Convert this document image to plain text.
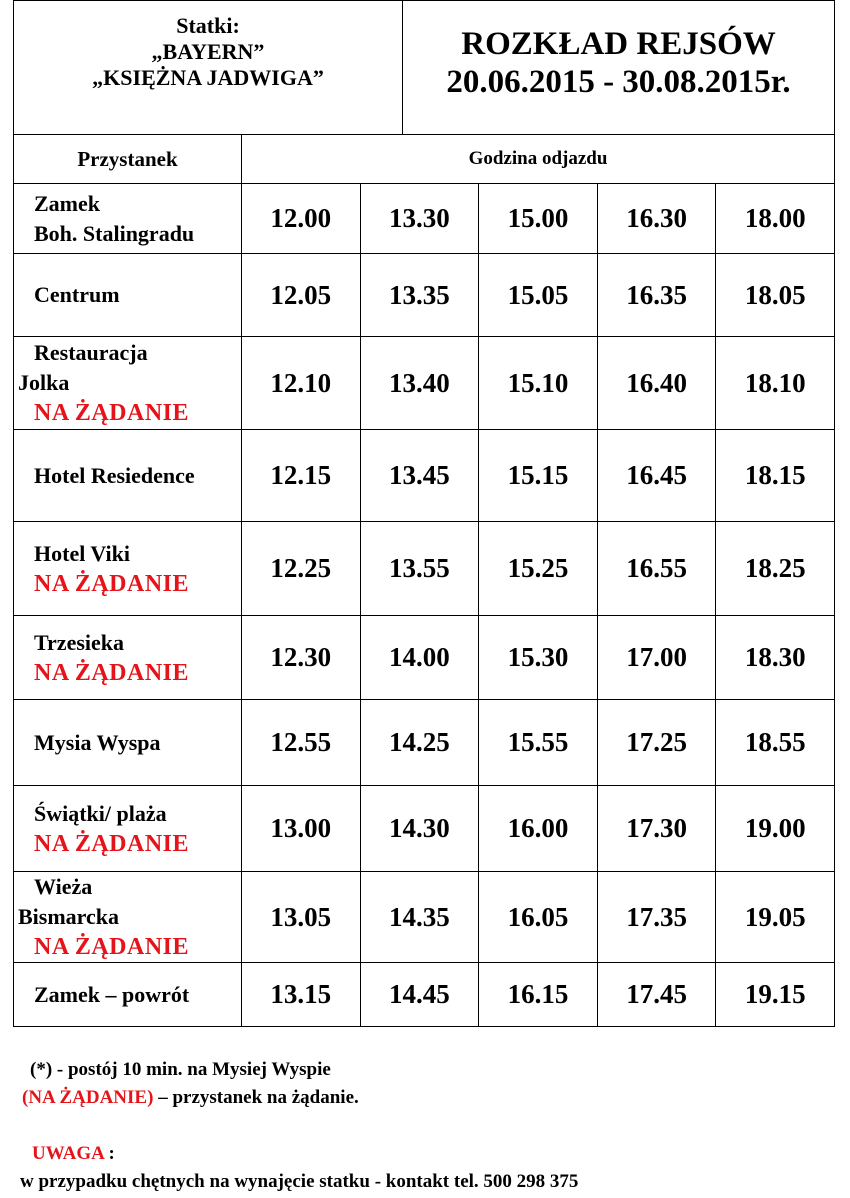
Statki:
„BAYERN”
„KSIĘŻNA JADWIGA”
ROZKŁAD REJSÓW
20.06.2015 - 30.08.2015r.
Przystanek	Godzina odjazdu				

Zamek
Boh. Stalingradu	12.00	13.30	15.00	16.30	18.00

Centrum	12.05	13.35	15.05	16.35	18.05

Restauracja
Jolka
NA ŻĄDANIE	12.10	13.40	15.10	16.40	18.10

Hotel Resiedence	12.15	13.45	15.15	16.45	18.15

Hotel Viki
NA ŻĄDANIE	12.25	13.55	15.25	16.55	18.25

Trzesieka
NA ŻĄDANIE	12.30	14.00	15.30	17.00	18.30

Mysia Wyspa	12.55	14.25	15.55	17.25	18.55

Świątki/ plaża
NA ŻĄDANIE	13.00	14.30	16.00	17.30	19.00

Wieża
Bismarcka
NA ŻĄDANIE	13.05	14.35	16.05	17.35	19.05

Zamek – powrót	13.15	14.45	16.15	17.45	19.15
(*) - postój 10 min. na Mysiej Wyspie
(NA ŻĄDANIE) – przystanek na żądanie.
UWAGA :
w przypadku chętnych na wynajęcie statku - kontakt tel. 500 298 375
